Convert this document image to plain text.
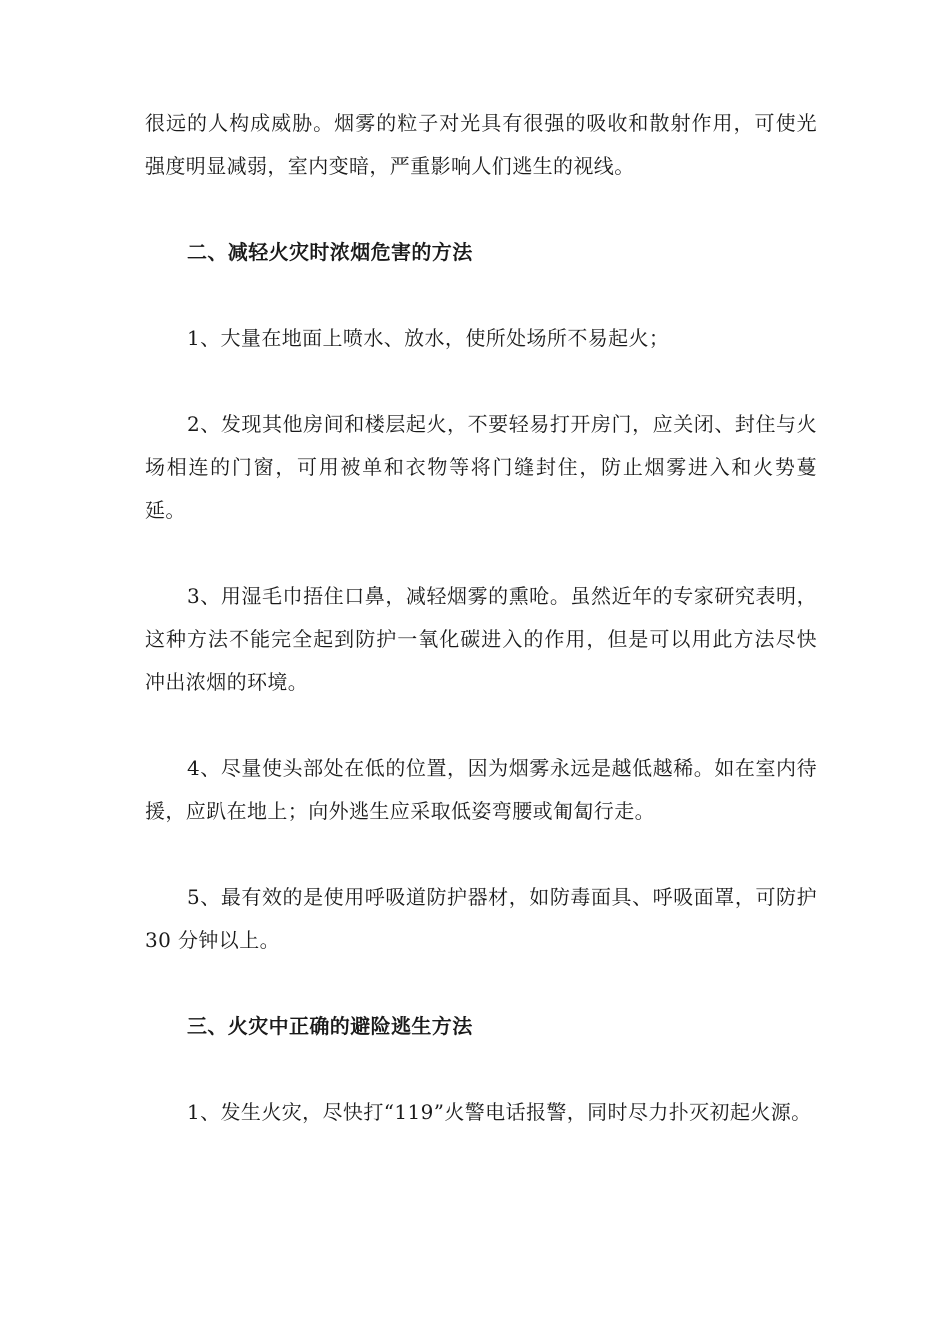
很远的人构成威胁。烟雾的粒子对光具有很强的吸收和散射作用，可使光强度明显减弱，室内变暗，严重影响人们逃生的视线。

二、减轻火灾时浓烟危害的方法

1、大量在地面上喷水、放水，使所处场所不易起火；

2、发现其他房间和楼层起火，不要轻易打开房门，应关闭、封住与火场相连的门窗，可用被单和衣物等将门缝封住，防止烟雾进入和火势蔓延。

3、用湿毛巾捂住口鼻，减轻烟雾的熏呛。虽然近年的专家研究表明，这种方法不能完全起到防护一氧化碳进入的作用，但是可以用此方法尽快冲出浓烟的环境。

4、尽量使头部处在低的位置，因为烟雾永远是越低越稀。如在室内待援，应趴在地上；向外逃生应采取低姿弯腰或匍匐行走。

5、最有效的是使用呼吸道防护器材，如防毒面具、呼吸面罩，可防护 30 分钟以上。

三、火灾中正确的避险逃生方法

1、发生火灾，尽快打“119”火警电话报警，同时尽力扑灭初起火源。
